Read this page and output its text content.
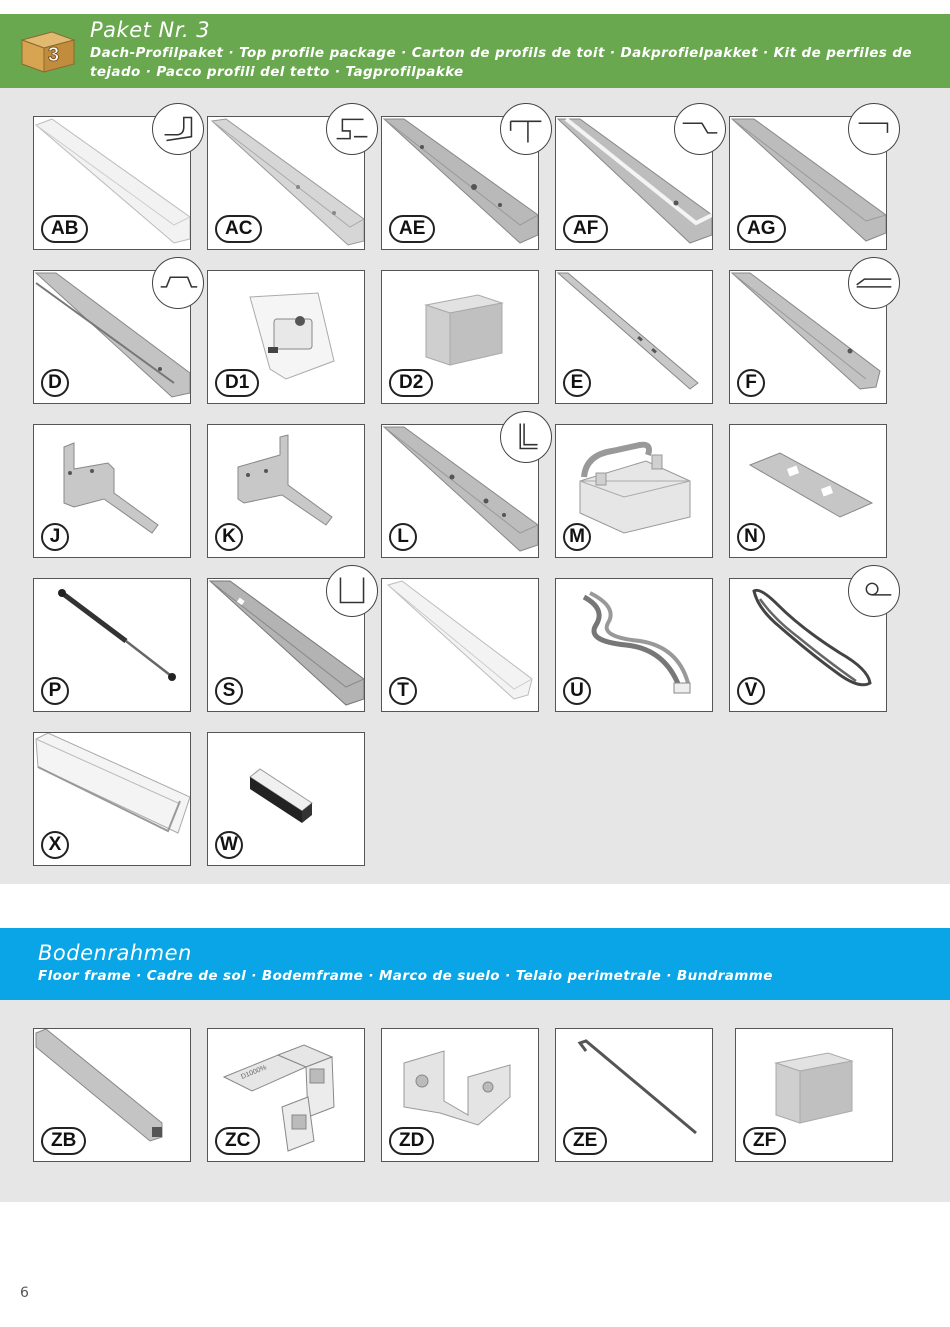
3
Paket Nr. 3
Dach-Profilpaket · Top profile package · Carton de profils de toit · Dakprofielpakket · Kit de perfiles de
tejado · Pacco profili del tetto · Tagprofilpakke
AB	AC	AE	AF	AG
D	D1	D2	E	F
J	K	L	M	N
P	S	T	U	V
X	W
Bodenrahmen
Floor frame · Cadre de sol · Bodemframe · Marco de suelo · Telaio perimetrale · Bundramme
ZB
D1000%
ZC	ZD	ZE	ZF
6
